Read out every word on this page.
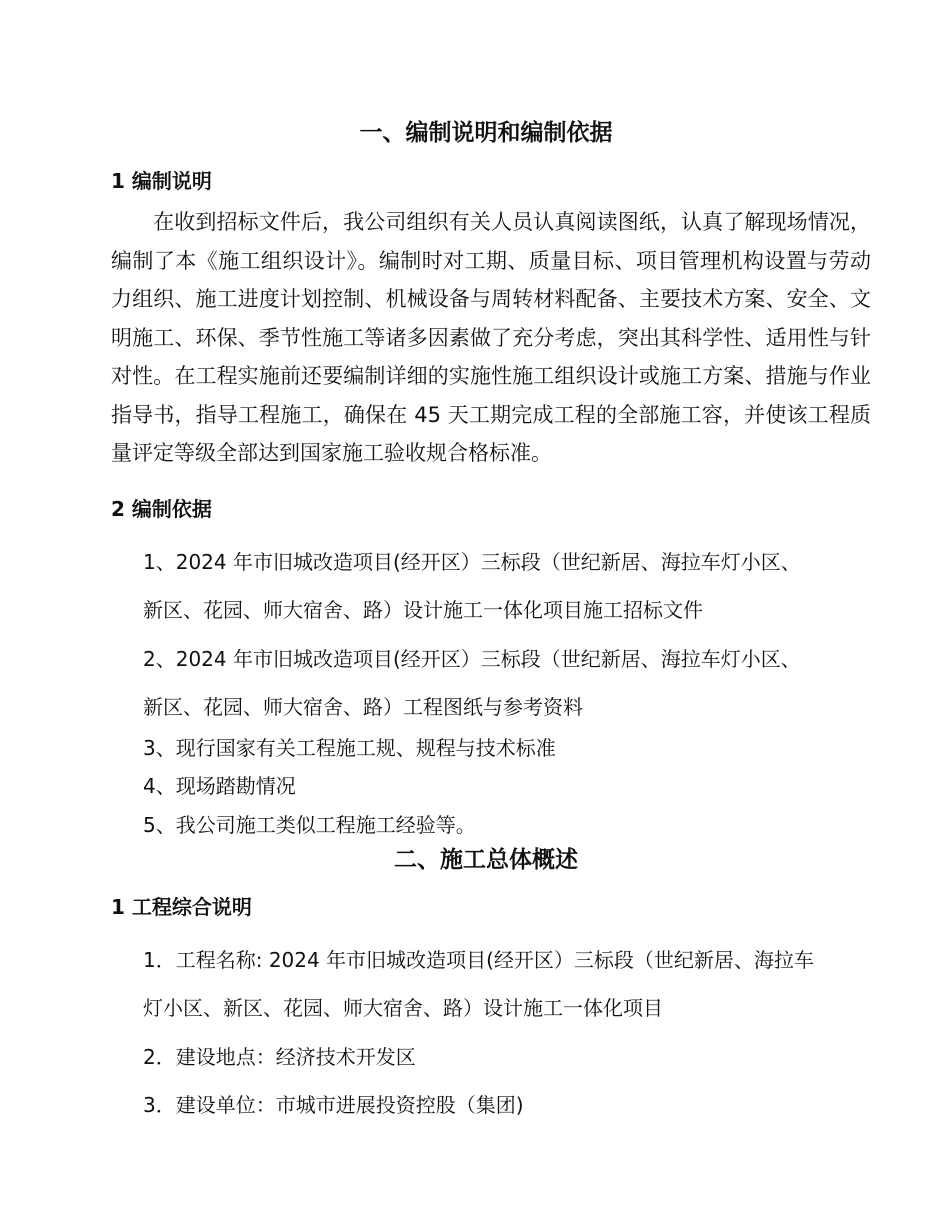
一、编制说明和编制依据
1 编制说明
在收到招标文件后，我公司组织有关人员认真阅读图纸，认真了解现场情况，编制了本《施工组织设计》。编制时对工期、质量目标、项目管理机构设置与劳动力组织、施工进度计划控制、机械设备与周转材料配备、主要技术方案、安全、文明施工、环保、季节性施工等诸多因素做了充分考虑，突出其科学性、适用性与针对性。在工程实施前还要编制详细的实施性施工组织设计或施工方案、措施与作业指导书，指导工程施工，确保在 45 天工期完成工程的全部施工容，并使该工程质量评定等级全部达到国家施工验收规合格标准。
2 编制依据
1、2024 年市旧城改造项目(经开区）三标段（世纪新居、海拉车灯小区、
新区、花园、师大宿舍、路）设计施工一体化项目施工招标文件
2、2024 年市旧城改造项目(经开区）三标段（世纪新居、海拉车灯小区、
新区、花园、师大宿舍、路）工程图纸与参考资料
3、现行国家有关工程施工规、规程与技术标准
4、现场踏勘情况
5、我公司施工类似工程施工经验等。
二、施工总体概述
1 工程综合说明
1．工程名称: 2024 年市旧城改造项目(经开区）三标段（世纪新居、海拉车
灯小区、新区、花园、师大宿舍、路）设计施工一体化项目
2．建设地点：经济技术开发区
3．建设单位：市城市进展投资控股（集团)
